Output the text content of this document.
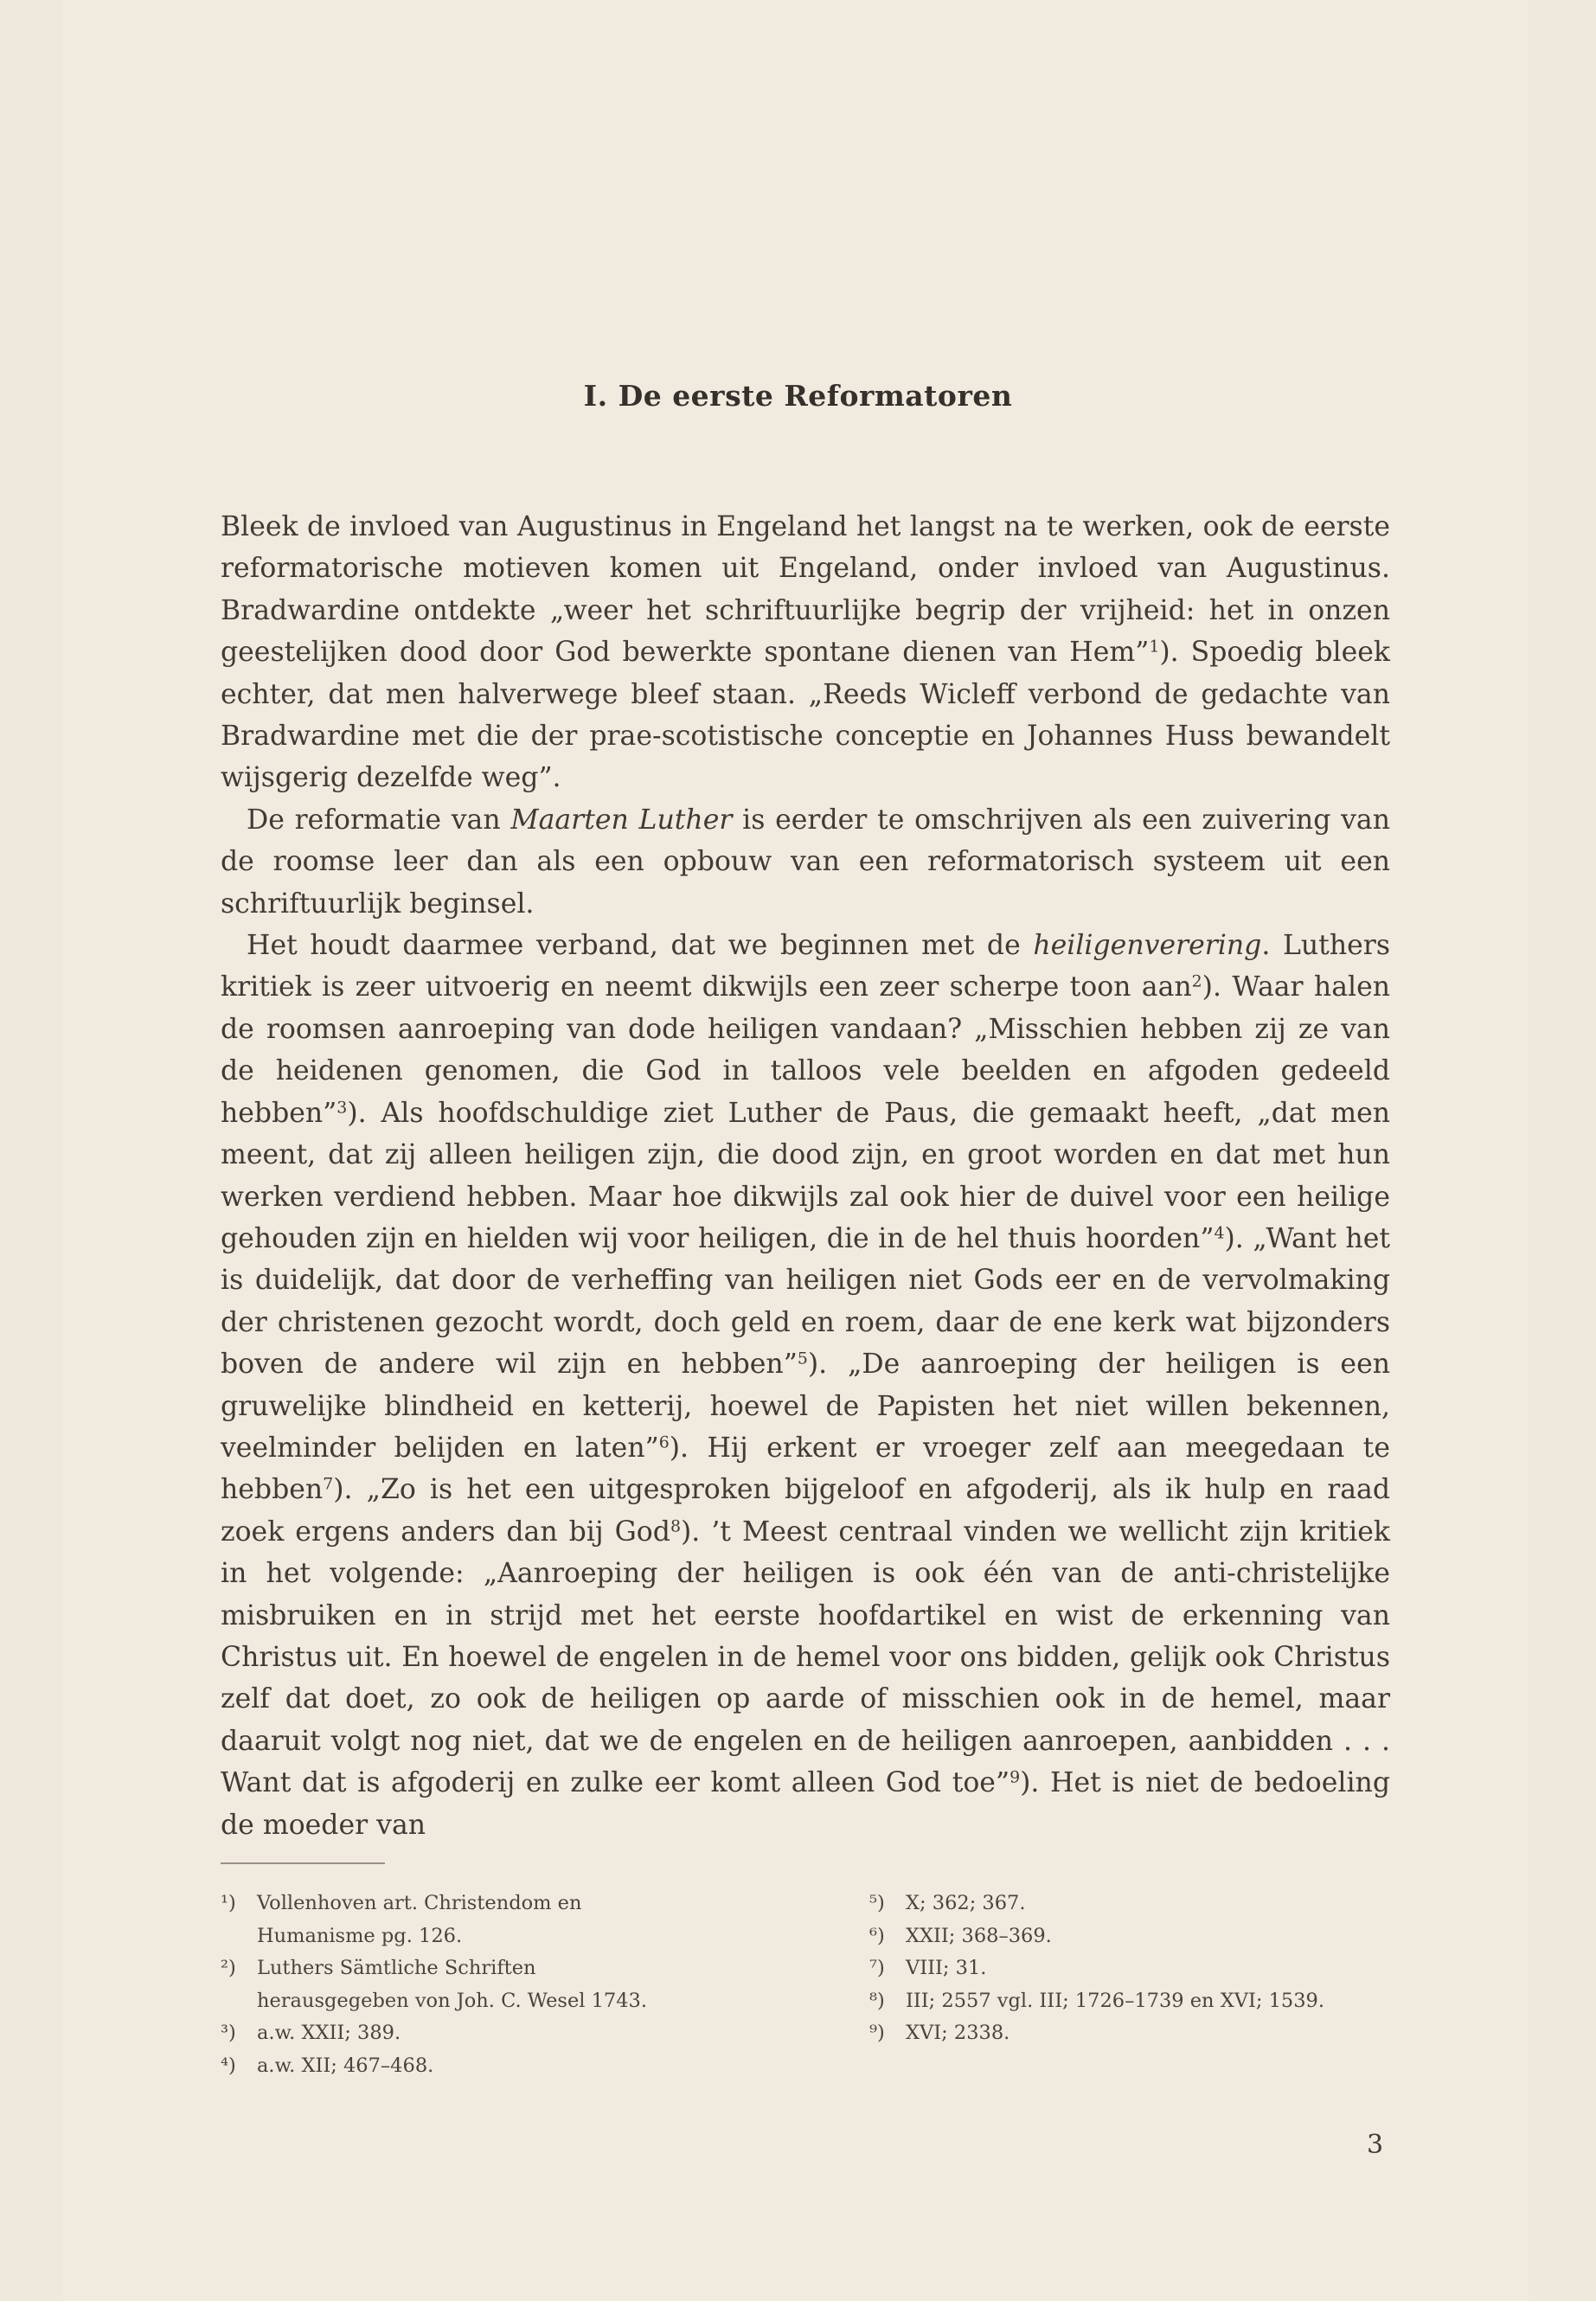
I. De eerste Reformatoren

Bleek de invloed van Augustinus in Engeland het langst na te werken, ook de eerste reformatorische motieven komen uit Engeland, onder invloed van Augustinus. Bradwardine ontdekte „weer het schriftuurlijke begrip der vrijheid: het in onzen geestelijken dood door God bewerkte spontane dienen van Hem”$^1$). Spoedig bleek echter, dat men halverwege bleef staan. „Reeds Wicleff verbond de gedachte van Bradwardine met die der prae-scotistische conceptie en Johannes Huss bewandelt wijsgerig dezelfde weg”.

De reformatie van Maarten Luther is eerder te omschrijven als een zuivering van de roomse leer dan als een opbouw van een reformatorisch systeem uit een schriftuurlijk beginsel.

Het houdt daarmee verband, dat we beginnen met de heiligenverering. Luthers kritiek is zeer uitvoerig en neemt dikwijls een zeer scherpe toon aan$^2$). Waar halen de roomsen aanroeping van dode heiligen vandaan? „Misschien hebben zij ze van de heidenen genomen, die God in talloos vele beelden en afgoden gedeeld hebben”$^3$). Als hoofdschuldige ziet Luther de Paus, die gemaakt heeft, „dat men meent, dat zij alleen heiligen zijn, die dood zijn, en groot worden en dat met hun werken verdiend hebben. Maar hoe dikwijls zal ook hier de duivel voor een heilige gehouden zijn en hielden wij voor heiligen, die in de hel thuis hoorden”$^4$). „Want het is duidelijk, dat door de verheffing van heiligen niet Gods eer en de vervolmaking der christenen gezocht wordt, doch geld en roem, daar de ene kerk wat bijzonders boven de andere wil zijn en hebben”$^5$). „De aanroeping der heiligen is een gruwelijke blindheid en ketterij, hoewel de Papisten het niet willen bekennen, veelminder belijden en laten”$^6$). Hij erkent er vroeger zelf aan meegedaan te hebben$^7$). „Zo is het een uitgesproken bijgeloof en afgoderij, als ik hulp en raad zoek ergens anders dan bij God$^8$). ’t Meest centraal vinden we wellicht zijn kritiek in het volgende: „Aanroeping der heiligen is ook één van de anti-christelijke misbruiken en in strijd met het eerste hoofdartikel en wist de erkenning van Christus uit. En hoewel de engelen in de hemel voor ons bidden, gelijk ook Christus zelf dat doet, zo ook de heiligen op aarde of misschien ook in de hemel, maar daaruit volgt nog niet, dat we de engelen en de heiligen aanroepen, aanbidden . . . Want dat is afgoderij en zulke eer komt alleen God toe”$^9$). Het is niet de bedoeling de moeder van

¹)	Vollenhoven art. Christendom en Humanisme pg. 126.
²)	Luthers Sämtliche Schriften herausgegeben von Joh. C. Wesel 1743.
³)	a.w. XXII; 389.
⁴)	a.w. XII; 467–468.
⁵)	X; 362; 367.
⁶)	XXII; 368–369.
⁷)	VIII; 31.
⁸)	III; 2557 vgl. III; 1726–1739 en XVI; 1539.
⁹)	XVI; 2338.
3
